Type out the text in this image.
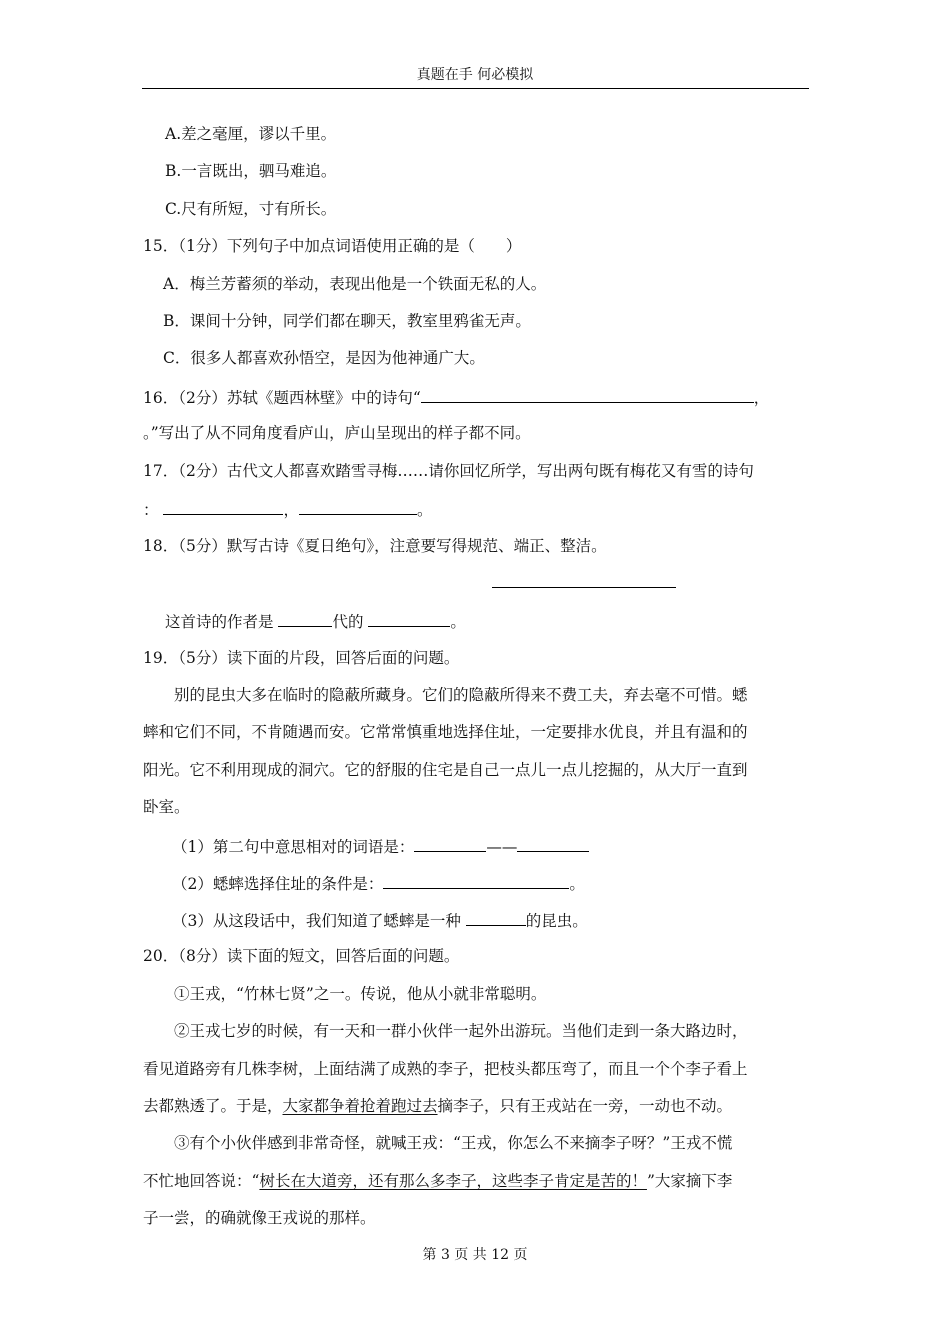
真题在手 何必模拟
A.差之毫厘，谬以千里。
B.一言既出，驷马难追。
C.尺有所短，寸有所长。
15．（1分）下列句子中加点词语使用正确的是（　　）
A．梅兰芳蓄须的举动，表现出他是一个铁面无私的人。
B．课间十分钟，同学们都在聊天，教室里鸦雀无声。
C．很多人都喜欢孙悟空，是因为他神通广大。
16．（2分）苏轼《题西林壁》中的诗句“	，
。”写出了从不同角度看庐山，庐山呈现出的样子都不同。
17．（2分）古代文人都喜欢踏雪寻梅……请你回忆所学，写出两句既有梅花又有雪的诗句
：	，	。
18．（5分）默写古诗《夏日绝句》，注意要写得规范、端正、整洁。
这首诗的作者是	代的	。
19．（5分）读下面的片段，回答后面的问题。
别的昆虫大多在临时的隐蔽所藏身。它们的隐蔽所得来不费工夫，弃去毫不可惜。蟋
蟀和它们不同，不肯随遇而安。它常常慎重地选择住址，一定要排水优良，并且有温和的
阳光。它不利用现成的洞穴。它的舒服的住宅是自己一点儿一点儿挖掘的，从大厅一直到
卧室。
（1）第二句中意思相对的词语是：	——
（2）蟋蟀选择住址的条件是：	。
（3）从这段话中，我们知道了蟋蟀是一种	的昆虫。
20．（8分）读下面的短文，回答后面的问题。
①王戎，“竹林七贤”之一。传说，他从小就非常聪明。
②王戎七岁的时候，有一天和一群小伙伴一起外出游玩。当他们走到一条大路边时，
看见道路旁有几株李树，上面结满了成熟的李子，把枝头都压弯了，而且一个个李子看上
去都熟透了。于是，大家都争着抢着跑过去摘李子，只有王戎站在一旁，一动也不动。
③有个小伙伴感到非常奇怪，就喊王戎：“王戎，你怎么不来摘李子呀？”王戎不慌
不忙地回答说：“树长在大道旁，还有那么多李子，这些李子肯定是苦的！”大家摘下李
子一尝，的确就像王戎说的那样。
第 3 页 共 12 页
